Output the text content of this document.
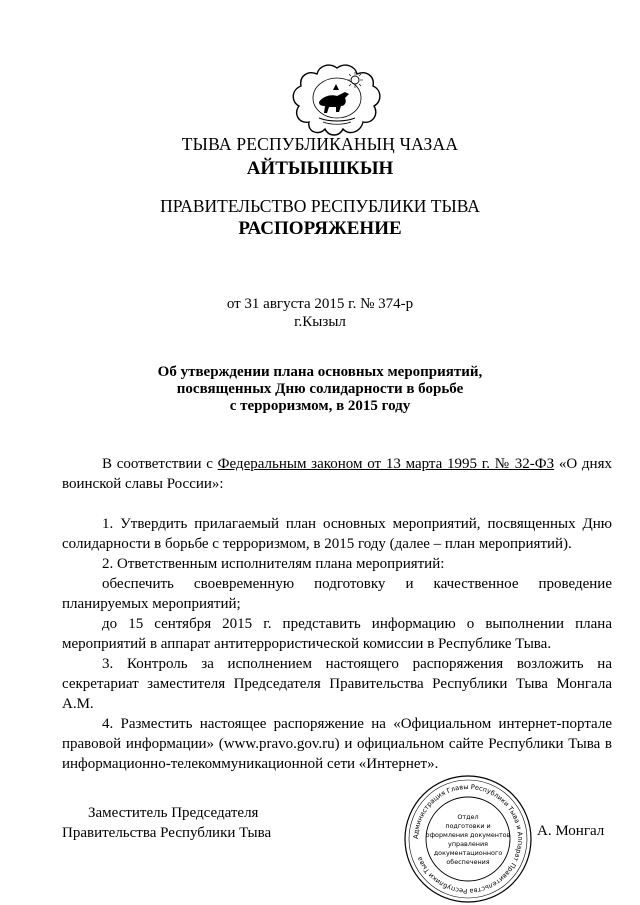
ТЫВА РЕСПУБЛИКАНЫҢ ЧАЗАА
АЙТЫЫШКЫН
ПРАВИТЕЛЬСТВО РЕСПУБЛИКИ ТЫВА
РАСПОРЯЖЕНИЕ
от 31 августа 2015 г. № 374-р
г.Кызыл
Об утверждении плана основных мероприятий,
посвященных Дню солидарности в борьбе
с терроризмом, в 2015 году
В соответствии с Федеральным законом от 13 марта 1995 г. № 32-ФЗ «О днях
воинской славы России»:
1. Утвердить прилагаемый план основных мероприятий, посвященных Дню
солидарности в борьбе с терроризмом, в 2015 году (далее – план мероприятий).
2. Ответственным исполнителям плана мероприятий:
обеспечить своевременную подготовку и качественное проведение
планируемых мероприятий;
до 15 сентября 2015 г. представить информацию о выполнении плана
мероприятий в аппарат антитеррористической комиссии в Республике Тыва.
3. Контроль за исполнением настоящего распоряжения возложить на
секретариат заместителя Председателя Правительства Республики Тыва Монгала
А.М.
4. Разместить настоящее распоряжение на «Официальном интернет-портале
правовой информации» (www.pravo.gov.ru) и официальном сайте Республики Тыва в
информационно-телекоммуникационной сети «Интернет».
Заместитель Председателя
Правительства Республики Тыва	А. Монгал
Администрация Главы Республики Тыва и Аппарат Правительства Республики Тыва
Отдел
подготовки и
оформления документов
управления
документационного
обеспечения
